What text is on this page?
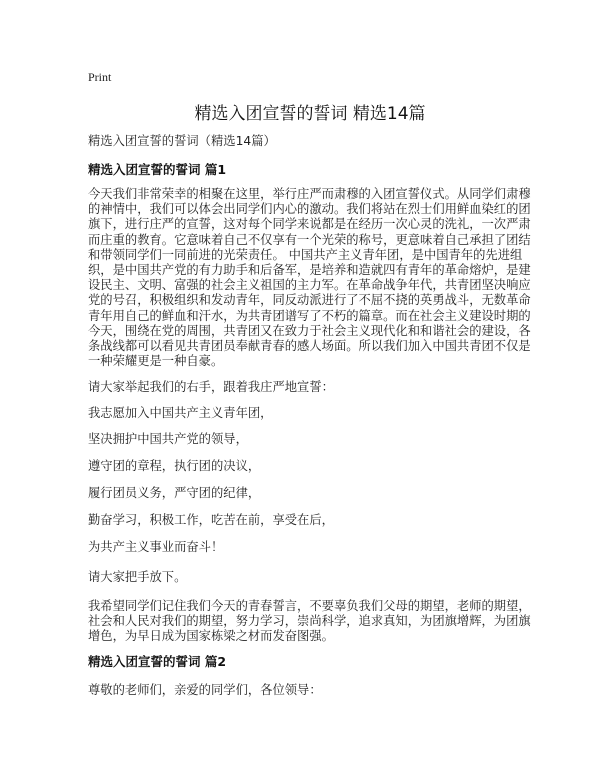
Print
精选入团宣誓的誓词 精选14篇
精选入团宣誓的誓词（精选14篇）
精选入团宣誓的誓词 篇1
今天我们非常荣幸的相聚在这里，举行庄严而肃穆的入团宣誓仪式。从同学们肃穆
的神情中，我们可以体会出同学们内心的激动。我们将站在烈士们用鲜血染红的团
旗下，进行庄严的宣誓，这对每个同学来说都是在经历一次心灵的洗礼，一次严肃
而庄重的教育。它意味着自己不仅享有一个光荣的称号，更意味着自己承担了团结
和带领同学们一同前进的光荣责任。 中国共产主义青年团，是中国青年的先进组
织，是中国共产党的有力助手和后备军，是培养和造就四有青年的革命熔炉，是建
设民主、文明、富强的社会主义祖国的主力军。在革命战争年代，共青团坚决响应
党的号召，积极组织和发动青年，同反动派进行了不屈不挠的英勇战斗，无数革命
青年用自己的鲜血和汗水，为共青团谱写了不朽的篇章。而在社会主义建设时期的
今天，围绕在党的周围，共青团又在致力于社会主义现代化和和谐社会的建设，各
条战线都可以看见共青团员奉献青春的感人场面。所以我们加入中国共青团不仅是
一种荣耀更是一种自豪。
请大家举起我们的右手，跟着我庄严地宣誓：
我志愿加入中国共产主义青年团，
坚决拥护中国共产党的领导，
遵守团的章程，执行团的决议，
履行团员义务，严守团的纪律，
勤奋学习，积极工作，吃苦在前，享受在后，
为共产主义事业而奋斗！
请大家把手放下。
我希望同学们记住我们今天的青春誓言，不要辜负我们父母的期望，老师的期望，
社会和人民对我们的期望，努力学习，崇尚科学，追求真知，为团旗增辉，为团旗
增色，为早日成为国家栋梁之材而发奋图强。
精选入团宣誓的誓词 篇2
尊敬的老师们，亲爱的同学们，各位领导：
